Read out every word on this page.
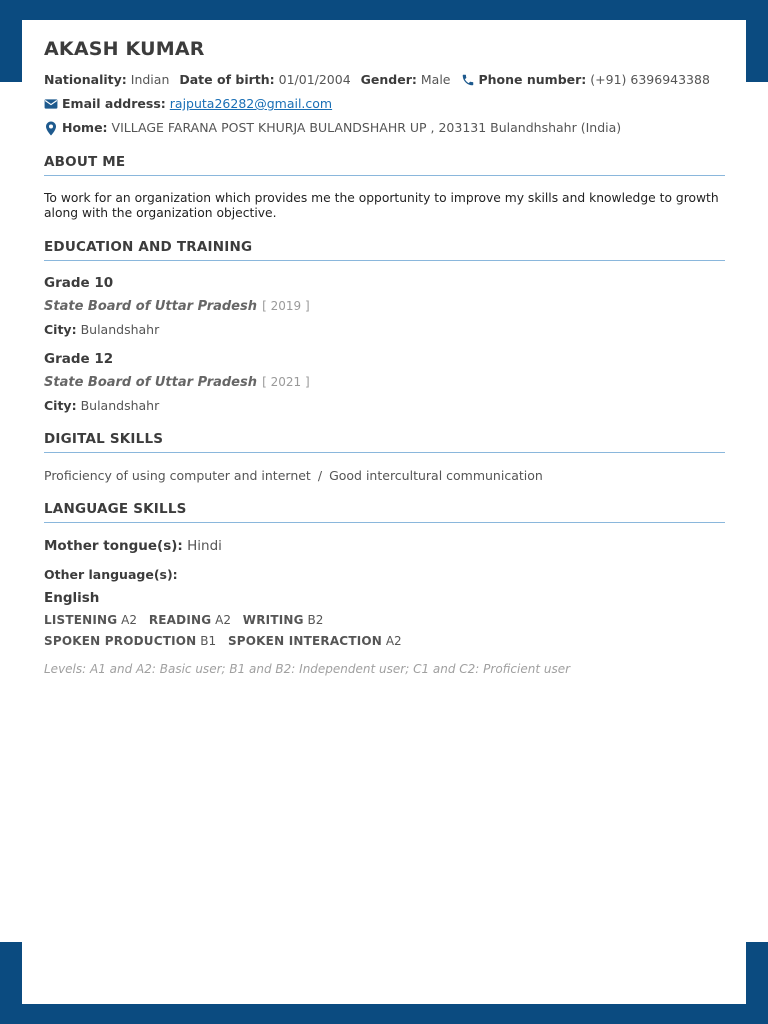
AKASH KUMAR
Nationality:
Indian Date of birth:
01/01/2004 Gender:
Male Phone number:
(+91) 6396943388
Email address:
rajputa26282@gmail.com
Home:
VILLAGE FARANA POST KHURJA BULANDSHAHR UP , 203131 Bulandhshahr (India)
ABOUT ME
To work for an organization which provides me the opportunity to improve my skills and knowledge to growth along with the organization objective.
EDUCATION AND TRAINING
Grade 10
State Board of Uttar Pradesh [ 2019 ]
City: Bulandshahr
Grade 12
State Board of Uttar Pradesh [ 2021 ]
City: Bulandshahr
DIGITAL SKILLS
Proficiency of using computer and internet / Good intercultural communication
LANGUAGE SKILLS
Mother tongue(s): Hindi
Other language(s):
English
LISTENING A2 READING A2 WRITING B2
SPOKEN PRODUCTION B1 SPOKEN INTERACTION A2
Levels: A1 and A2: Basic user; B1 and B2: Independent user; C1 and C2: Proficient user
